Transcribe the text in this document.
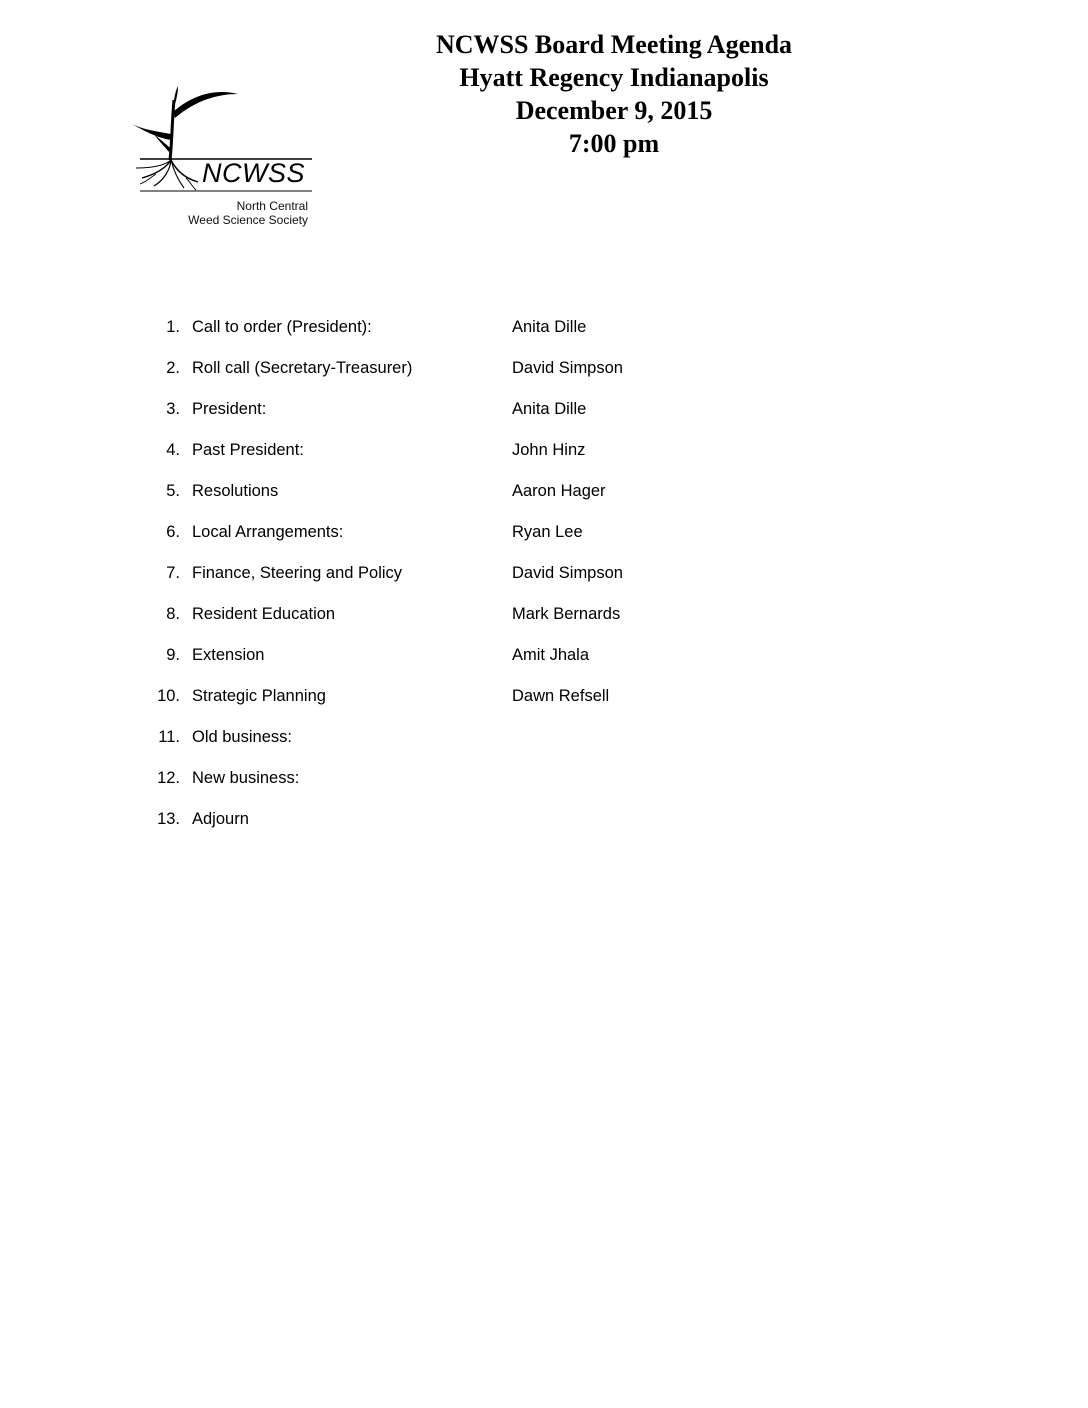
NCWSS
North Central
Weed Science Society
NCWSS Board Meeting Agenda
Hyatt Regency Indianapolis
December 9, 2015
7:00 pm
1. Call to order (President):	Anita Dille
2. Roll call (Secretary-Treasurer)	David Simpson
3. President:	Anita Dille
4. Past President:	John Hinz
5. Resolutions	Aaron Hager
6. Local Arrangements:	Ryan Lee
7. Finance, Steering and Policy	David Simpson
8. Resident Education	Mark Bernards
9. Extension	Amit Jhala
10. Strategic Planning	Dawn Refsell
11. Old business:
12. New business:
13. Adjourn
